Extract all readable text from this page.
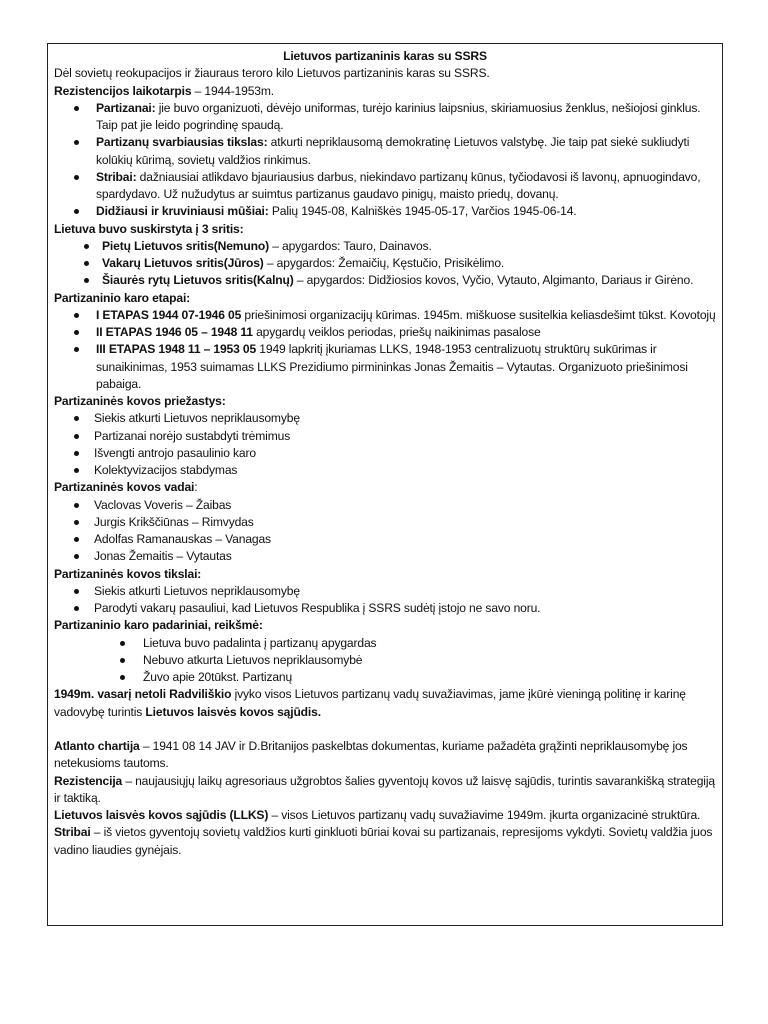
Lietuvos partizaninis karas su SSRS

Dėl sovietų reokupacijos ir žiauraus teroro kilo Lietuvos partizaninis karas su SSRS.

Rezistencijos laikotarpis – 1944-1953m.

Partizanai: jie buvo organizuoti, dėvėjo uniformas, turėjo karinius laipsnius, skiriamuosius ženklus, nešiojosi ginklus. Taip pat jie leido pogrindinę spaudą.
Partizanų svarbiausias tikslas: atkurti nepriklausomą demokratinę Lietuvos valstybę. Jie taip pat siekė sukliudyti kolūkių kūrimą, sovietų valdžios rinkimus.
Stribai: dažniausiai atlikdavo bjauriausius darbus, niekindavo partizanų kūnus, tyčiodavosi iš lavonų, apnuogindavo, spardydavo. Už nužudytus ar suimtus partizanus gaudavo pinigų, maisto priedų, dovanų.
Didžiausi ir kruviniausi mūšiai: Palių 1945-08, Kalniškės 1945-05-17, Varčios 1945-06-14.

Lietuva buvo suskirstyta į 3 sritis:

Pietų Lietuvos sritis(Nemuno) – apygardos: Tauro, Dainavos.
Vakarų Lietuvos sritis(Jūros) – apygardos: Žemaičių, Kęstučio, Prisikėlimo.
Šiaurės rytų Lietuvos sritis(Kalnų) – apygardos: Didžiosios kovos, Vyčio, Vytauto, Algimanto, Dariaus ir Girėno.

Partizaninio karo etapai:

I ETAPAS 1944 07-1946 05 priešinimosi organizacijų kūrimas. 1945m. miškuose susitelkia keliasdešimt tūkst. Kovotojų
II ETAPAS 1946 05 – 1948 11 apygardų veiklos periodas, priešų naikinimas pasalose
III ETAPAS 1948 11 – 1953 05 1949 lapkritį įkuriamas LLKS, 1948-1953 centralizuotų struktūrų sukūrimas ir sunaikinimas, 1953 suimamas LLKS Prezidiumo pirmininkas Jonas Žemaitis – Vytautas. Organizuoto priešinimosi pabaiga.

Partizaninės kovos priežastys:

Siekis atkurti Lietuvos nepriklausomybę
Partizanai norėjo sustabdyti trėmimus
Išvengti antrojo pasaulinio karo
Kolektyvizacijos stabdymas

Partizaninės kovos vadai:

Vaclovas Voveris – Žaibas
Jurgis Krikščiūnas – Rimvydas
Adolfas Ramanauskas – Vanagas
Jonas Žemaitis – Vytautas

Partizaninės kovos tikslai:

Siekis atkurti Lietuvos nepriklausomybę
Parodyti vakarų pasauliui, kad Lietuvos Respublika į SSRS sudėtį įstojo ne savo noru.

Partizaninio karo padariniai, reikšmė:

Lietuva buvo padalinta į partizanų apygardas
Nebuvo atkurta Lietuvos nepriklausomybė
Žuvo apie 20tūkst. Partizanų

1949m. vasarį netoli Radviliškio įvyko visos Lietuvos partizanų vadų suvažiavimas, jame įkūrė vieningą politinę ir karinę vadovybę turintis Lietuvos laisvės kovos sąjūdis.

Atlanto chartija – 1941 08 14 JAV ir D.Britanijos paskelbtas dokumentas, kuriame pažadėta grąžinti nepriklausomybę jos netekusioms tautoms.

Rezistencija – naujausiųjų laikų agresoriaus užgrobtos šalies gyventojų kovos už laisvę sąjūdis, turintis savarankišką strategiją ir taktiką.

Lietuvos laisvės kovos sąjūdis (LLKS) – visos Lietuvos partizanų vadų suvažiavime 1949m. įkurta organizacinė struktūra.

Stribai – iš vietos gyventojų sovietų valdžios kurti ginkluoti būriai kovai su partizanais, represijoms vykdyti. Sovietų valdžia juos vadino liaudies gynėjais.
